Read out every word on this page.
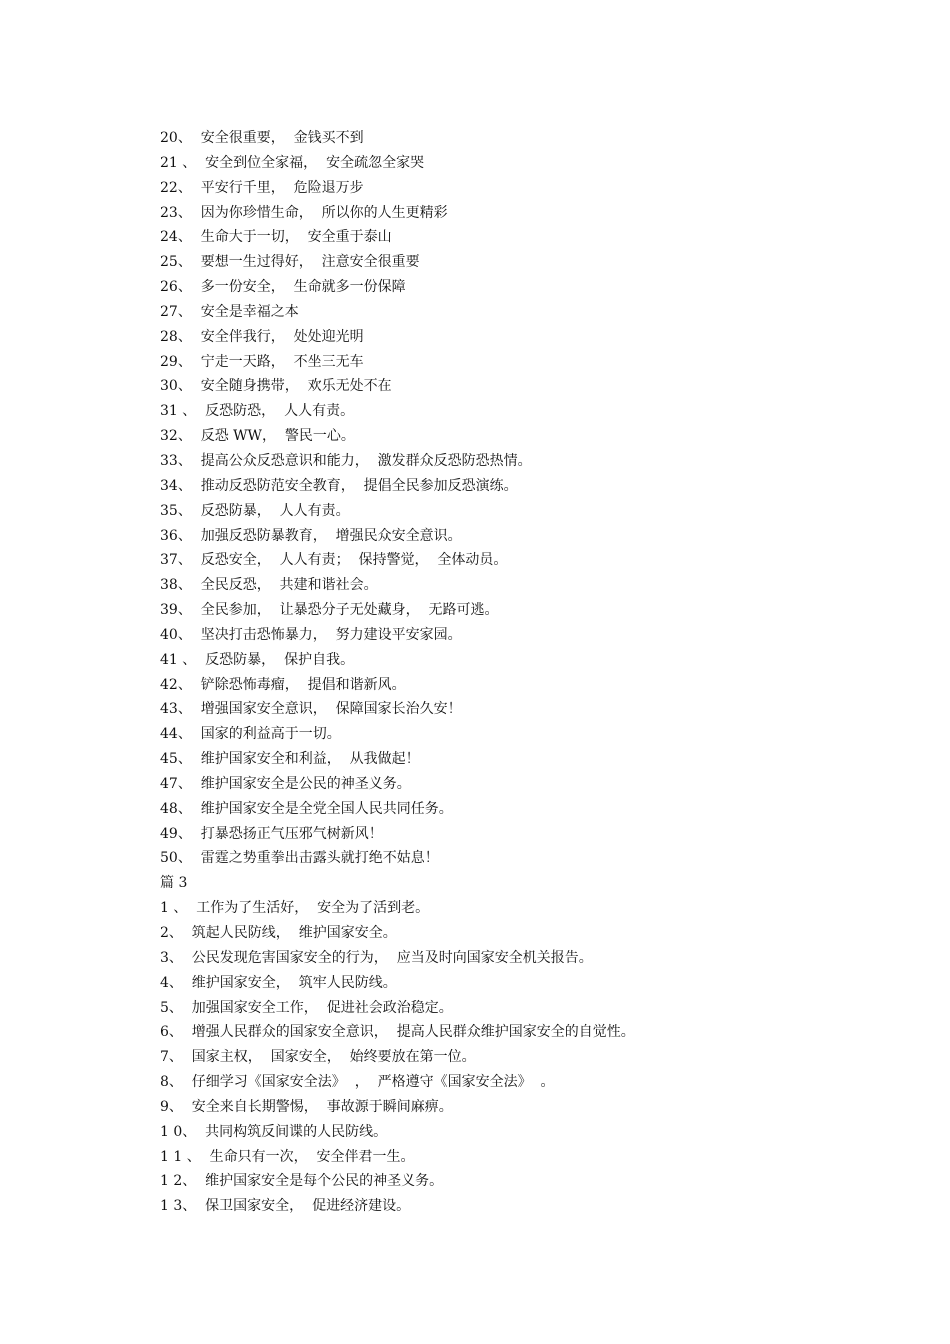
20、  安全很重要，  金钱买不到
21 、  安全到位全家福，  安全疏忽全家哭
22、  平安行千里，  危险退万步
23、  因为你珍惜生命，  所以你的人生更精彩
24、  生命大于一切，  安全重于泰山
25、  要想一生过得好，  注意安全很重要
26、  多一份安全，  生命就多一份保障
27、  安全是幸福之本
28、  安全伴我行，  处处迎光明
29、  宁走一天路，  不坐三无车
30、  安全随身携带，  欢乐无处不在
31 、  反恐防恐，  人人有责。
32、  反恐 WW，  警民一心。
33、  提高公众反恐意识和能力，  激发群众反恐防恐热情。
34、  推动反恐防范安全教育，  提倡全民参加反恐演练。
35、  反恐防暴，  人人有责。
36、  加强反恐防暴教育，  增强民众安全意识。
37、  反恐安全，  人人有责；  保持警觉，  全体动员。
38、  全民反恐，  共建和谐社会。
39、  全民参加，  让暴恐分子无处藏身，  无路可逃。
40、  坚决打击恐怖暴力，  努力建设平安家园。
41 、  反恐防暴，  保护自我。
42、  铲除恐怖毒瘤，  提倡和谐新风。
43、  增强国家安全意识，  保障国家长治久安！
44、  国家的利益高于一切。
45、  维护国家安全和利益，  从我做起！
47、  维护国家安全是公民的神圣义务。
48、  维护国家安全是全党全国人民共同任务。
49、  打暴恐扬正气压邪气树新风！
50、  雷霆之势重拳出击露头就打绝不姑息！
篇 3
1 、  工作为了生活好，  安全为了活到老。
2、  筑起人民防线，  维护国家安全。
3、  公民发现危害国家安全的行为，  应当及时向国家安全机关报告。
4、  维护国家安全，  筑牢人民防线。
5、  加强国家安全工作，  促进社会政治稳定。
6、  增强人民群众的国家安全意识，  提高人民群众维护国家安全的自觉性。
7、  国家主权，  国家安全，  始终要放在第一位。
8、  仔细学习《国家安全法》  ，  严格遵守《国家安全法》  。
9、  安全来自长期警惕，  事故源于瞬间麻痹。
1 0、  共同构筑反间谍的人民防线。
1 1 、  生命只有一次，  安全伴君一生。
1 2、  维护国家安全是每个公民的神圣义务。
1 3、  保卫国家安全，  促进经济建设。
